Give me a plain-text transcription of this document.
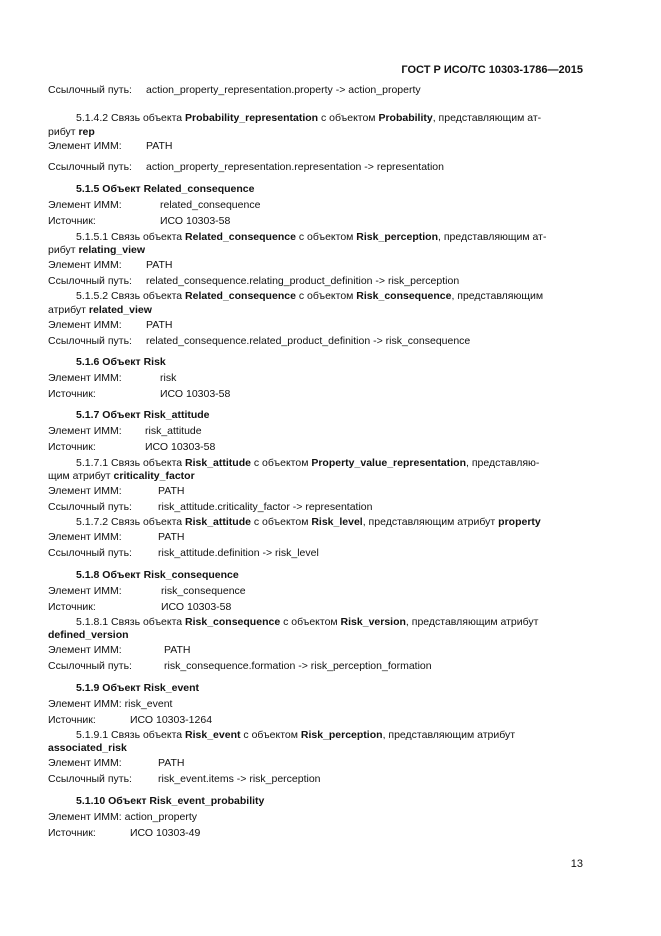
ГОСТ Р ИСО/ТС 10303-1786—2015
Ссылочный путь: action_property_representation.property -> action_property
5.1.4.2 Связь объекта Probability_representation с объектом Probability, представляющим ат-
рибут rep
Элемент ИММ: PATH
Ссылочный путь: action_property_representation.representation -> representation
5.1.5 Объект Related_consequence
Элемент ИММ:	related_consequence
Источник:	ИСО 10303-58
5.1.5.1 Связь объекта Related_consequence с объектом Risk_perception, представляющим ат-
рибут relating_view
Элемент ИММ: PATH
Ссылочный путь: related_consequence.relating_product_definition -> risk_perception
5.1.5.2 Связь объекта Related_consequence с объектом Risk_consequence, представляющим
атрибут related_view
Элемент ИММ: PATH
Ссылочный путь: related_consequence.related_product_definition -> risk_consequence
5.1.6 Объект Risk
Элемент ИММ:	risk
Источник:	ИСО 10303-58
5.1.7 Объект Risk_attitude
Элемент ИММ: risk_attitude
Источник:	ИСО 10303-58
5.1.7.1 Связь объекта Risk_attitude с объектом Property_value_representation, представляю-
щим атрибут criticality_factor
Элемент ИММ:	PATH
Ссылочный путь: risk_attitude.criticality_factor -> representation
5.1.7.2 Связь объекта Risk_attitude с объектом Risk_level, представляющим атрибут property
Элемент ИММ:	PATH
Ссылочный путь: risk_attitude.definition -> risk_level
5.1.8 Объект Risk_consequence
Элемент ИММ:	risk_consequence
Источник:	ИСО 10303-58
5.1.8.1 Связь объекта Risk_consequence с объектом Risk_version, представляющим атрибут
defined_version
Элемент ИММ:	PATH
Ссылочный путь:	risk_consequence.formation -> risk_perception_formation
5.1.9 Объект Risk_event
Элемент ИММ: risk_event
Источник:	ИСО 10303-1264
5.1.9.1 Связь объекта Risk_event с объектом Risk_perception, представляющим атрибут
associated_risk
Элемент ИММ:	PATH
Ссылочный путь: risk_event.items -> risk_perception
5.1.10 Объект Risk_event_probability
Элемент ИММ: action_property
Источник:	ИСО 10303-49
13
